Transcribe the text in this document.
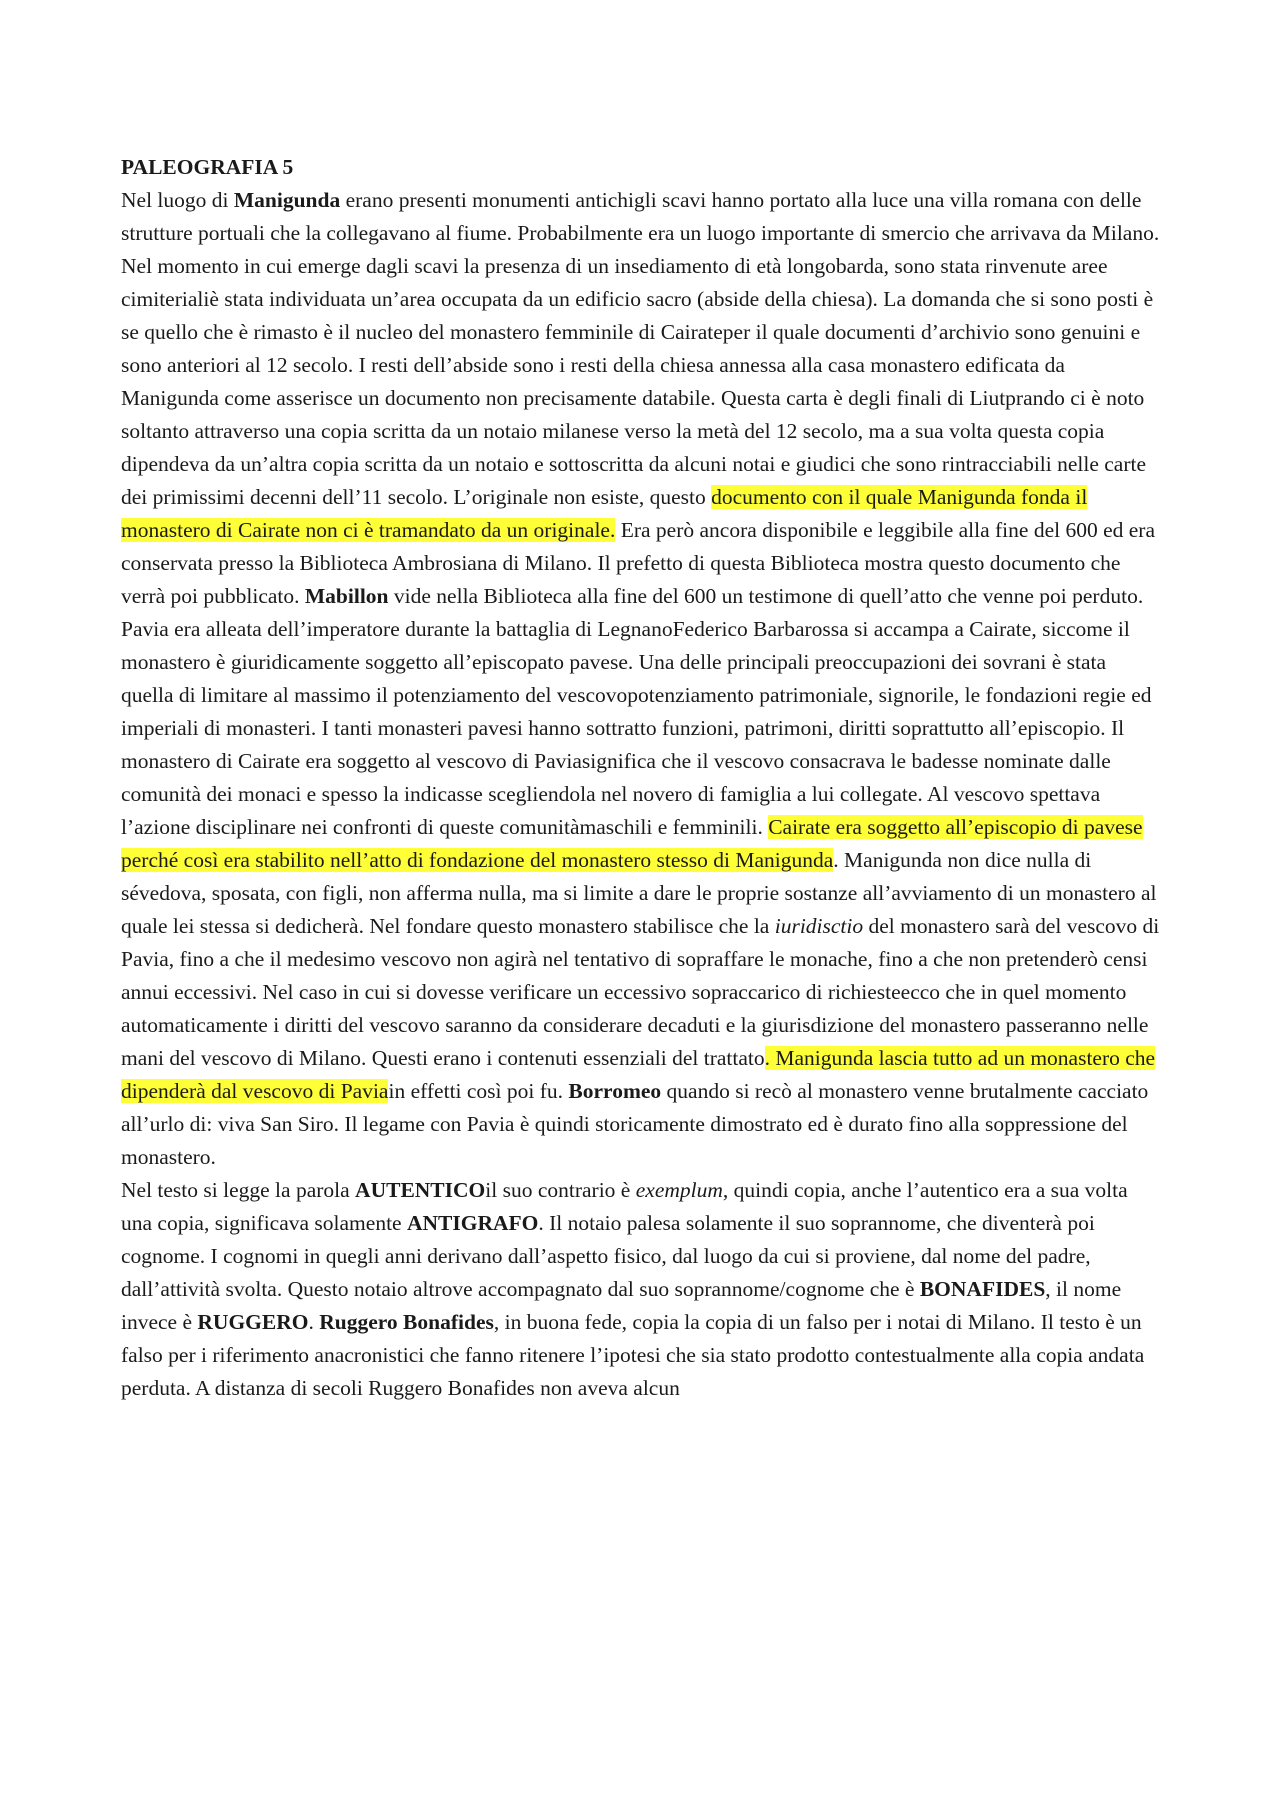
PALEOGRAFIA 5

Nel luogo di Manigunda erano presenti monumenti antichigli scavi hanno portato alla luce una villa romana con delle strutture portuali che la collegavano al fiume. Probabilmente era un luogo importante di smercio che arrivava da Milano. Nel momento in cui emerge dagli scavi la presenza di un insediamento di età longobarda, sono stata rinvenute aree cimiterialiè stata individuata un’area occupata da un edificio sacro (abside della chiesa). La domanda che si sono posti è se quello che è rimasto è il nucleo del monastero femminile di Cairateper il quale documenti d’archivio sono genuini e sono anteriori al 12 secolo. I resti dell’abside sono i resti della chiesa annessa alla casa monastero edificata da Manigunda come asserisce un documento non precisamente databile. Questa carta è degli finali di Liutprando ci è noto soltanto attraverso una copia scritta da un notaio milanese verso la metà del 12 secolo, ma a sua volta questa copia dipendeva da un’altra copia scritta da un notaio e sottoscritta da alcuni notai e giudici che sono rintracciabili nelle carte dei primissimi decenni dell’11 secolo. L’originale non esiste, questo documento con il quale Manigunda fonda il monastero di Cairate non ci è tramandato da un originale. Era però ancora disponibile e leggibile alla fine del 600 ed era conservata presso la Biblioteca Ambrosiana di Milano. Il prefetto di questa Biblioteca mostra questo documento che verrà poi pubblicato. Mabillon vide nella Biblioteca alla fine del 600 un testimone di quell’atto che venne poi perduto.

Pavia era alleata dell’imperatore durante la battaglia di LegnanoFederico Barbarossa si accampa a Cairate, siccome il monastero è giuridicamente soggetto all’episcopato pavese. Una delle principali preoccupazioni dei sovrani è stata quella di limitare al massimo il potenziamento del vescovopotenziamento patrimoniale, signorile, le fondazioni regie ed imperiali di monasteri. I tanti monasteri pavesi hanno sottratto funzioni, patrimoni, diritti soprattutto all’episcopio. Il monastero di Cairate era soggetto al vescovo di Paviasignifica che il vescovo consacrava le badesse nominate dalle comunità dei monaci e spesso la indicasse scegliendola nel novero di famiglia a lui collegate. Al vescovo spettava l’azione disciplinare nei confronti di queste comunitàmaschili e femminili. Cairate era soggetto all’episcopio di pavese perché così era stabilito nell’atto di fondazione del monastero stesso di Manigunda. Manigunda non dice nulla di sévedova, sposata, con figli, non afferma nulla, ma si limite a dare le proprie sostanze all’avviamento di un monastero al quale lei stessa si dedicherà. Nel fondare questo monastero stabilisce che la iuridisctio del monastero sarà del vescovo di Pavia, fino a che il medesimo vescovo non agirà nel tentativo di sopraffare le monache, fino a che non pretenderò censi annui eccessivi. Nel caso in cui si dovesse verificare un eccessivo sopraccarico di richiesteecco che in quel momento automaticamente i diritti del vescovo saranno da considerare decaduti e la giurisdizione del monastero passeranno nelle mani del vescovo di Milano. Questi erano i contenuti essenziali del trattato. Manigunda lascia tutto ad un monastero che dipenderà dal vescovo di Paviain effetti così poi fu. Borromeo quando si recò al monastero venne brutalmente cacciato all’urlo di: viva San Siro. Il legame con Pavia è quindi storicamente dimostrato ed è durato fino alla soppressione del monastero.

Nel testo si legge la parola AUTENTICOil suo contrario è exemplum, quindi copia, anche l’autentico era a sua volta una copia, significava solamente ANTIGRAFO. Il notaio palesa solamente il suo soprannome, che diventerà poi cognome. I cognomi in quegli anni derivano dall’aspetto fisico, dal luogo da cui si proviene, dal nome del padre, dall’attività svolta. Questo notaio altrove accompagnato dal suo soprannome/cognome che è BONAFIDES, il nome invece è RUGGERO. Ruggero Bonafides, in buona fede, copia la copia di un falso per i notai di Milano. Il testo è un falso per i riferimento anacronistici che fanno ritenere l’ipotesi che sia stato prodotto contestualmente alla copia andata perduta. A distanza di secoli Ruggero Bonafides non aveva alcun
